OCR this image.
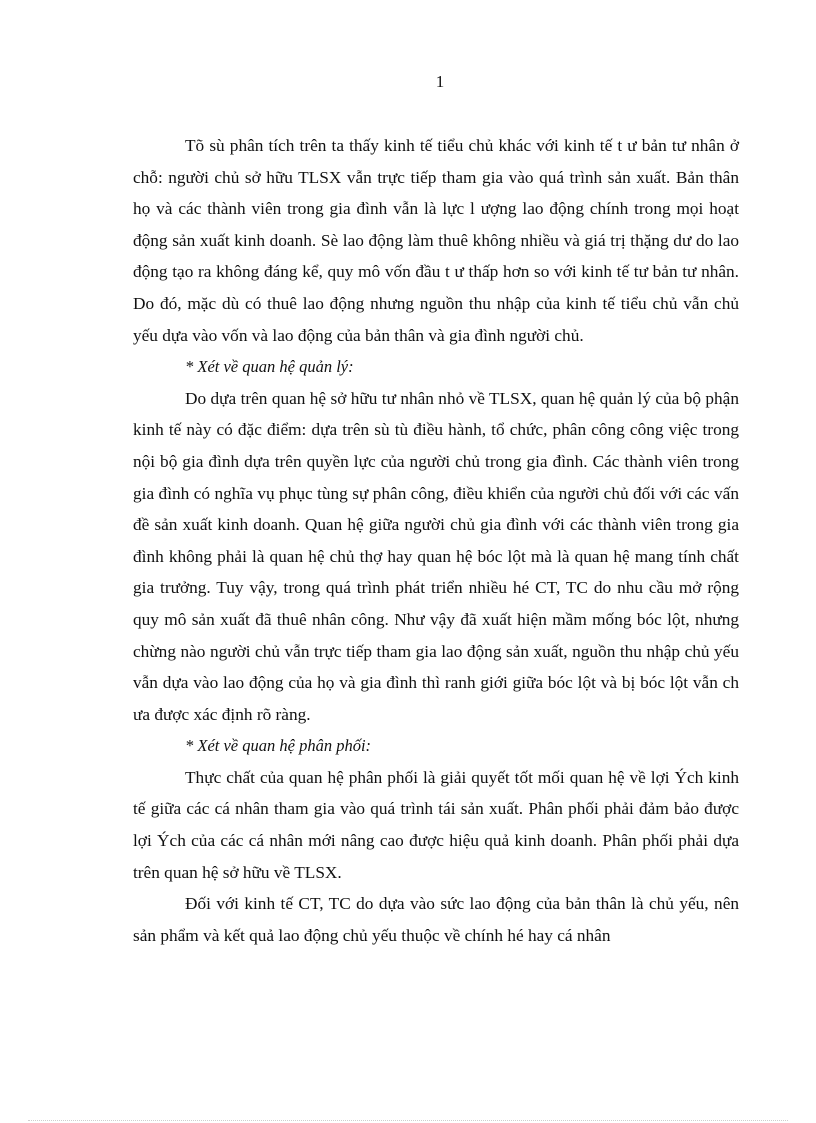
1

Tõ sù phân tích trên ta thấy kinh tế tiểu chủ khác với kinh tế t ư bản tư nhân ở chỗ: người chủ sở hữu TLSX vẫn trực tiếp tham gia vào quá trình sản xuất. Bản thân họ và các thành viên trong gia đình vẫn là lực l ượng lao động chính trong mọi hoạt động sản xuất kinh doanh. Sè lao động làm thuê không nhiều và giá trị thặng dư do lao động tạo ra không đáng kể, quy mô vốn đầu t ư thấp hơn so với kinh tế tư bản tư nhân. Do đó, mặc dù có thuê lao động nhưng nguồn thu nhập của kinh tế tiểu chủ vẫn chủ yếu dựa vào vốn và lao động của bản thân và gia đình người chủ.

* Xét về quan hệ quản lý:

Do dựa trên quan hệ sở hữu tư nhân nhỏ về TLSX, quan hệ quản lý của bộ phận kinh tế này có đặc điểm: dựa trên sù tù điều hành, tổ chức, phân công công việc trong nội bộ gia đình dựa trên quyền lực của người chủ trong gia đình. Các thành viên trong gia đình có nghĩa vụ phục tùng sự phân công, điều khiển của người chủ đối với các vấn đề sản xuất kinh doanh. Quan hệ giữa người chủ gia đình với các thành viên trong gia đình không phải là quan hệ chủ thợ hay quan hệ bóc lột mà là quan hệ mang tính chất gia trưởng. Tuy vậy, trong quá trình phát triển nhiều hé CT, TC do nhu cầu mở rộng quy mô sản xuất đã thuê nhân công. Như vậy đã xuất hiện mầm mống bóc lột, nhưng chừng nào người chủ vẫn trực tiếp tham gia lao động sản xuất, nguồn thu nhập chủ yếu vẫn dựa vào lao động của họ và gia đình thì ranh giới giữa bóc lột và bị bóc lột vẫn ch ưa được xác định rõ ràng.

* Xét về quan hệ phân phối:

Thực chất của quan hệ phân phối là giải quyết tốt mối quan hệ về lợi Ých kinh tế giữa các cá nhân tham gia vào quá trình tái sản xuất. Phân phối phải đảm bảo được lợi Ých của các cá nhân mới nâng cao được hiệu quả kinh doanh. Phân phối phải dựa trên quan hệ sở hữu về TLSX.

Đối với kinh tế CT, TC do dựa vào sức lao động của bản thân là chủ yếu, nên sản phẩm và kết quả lao động chủ yếu thuộc về chính hé hay cá nhân
